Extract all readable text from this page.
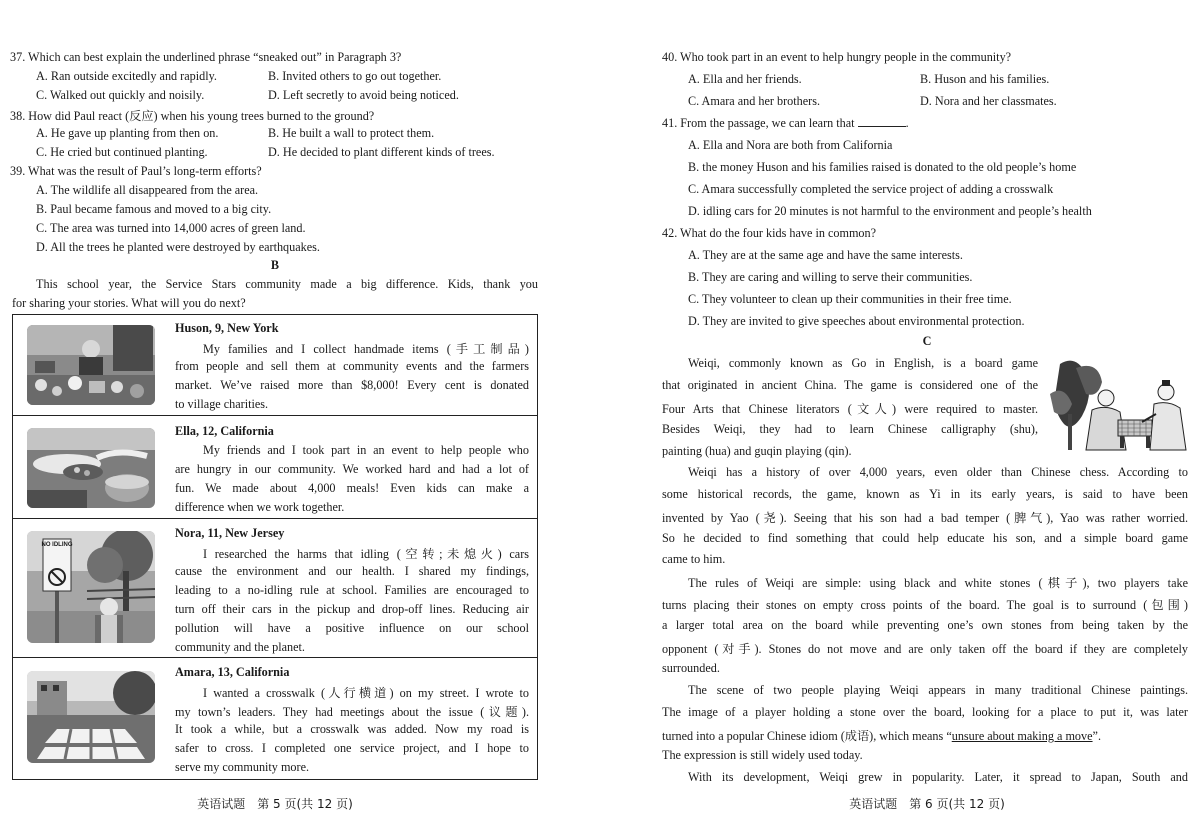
37. Which can best explain the underlined phrase “sneaked out” in Paragraph 3?
A. Ran outside excitedly and rapidly.	B. Invited others to go out together.
C. Walked out quickly and noisily.	D. Left secretly to avoid being noticed.
38. How did Paul react (反应) when his young trees burned to the ground?
A. He gave up planting from then on.	B. He built a wall to protect them.
C. He cried but continued planting.	D. He decided to plant different kinds of trees.
39. What was the result of Paul’s long-term efforts?
A. The wildlife all disappeared from the area.
B. Paul became famous and moved to a big city.
C. The area was turned into 14,000 acres of green land.
D. All the trees he planted were destroyed by earthquakes.
B
This school year, the Service Stars community made a big difference. Kids, thank you
for sharing your stories. What will you do next?
Huson, 9, New York
My families and I collect handmade items (手工制品)
from people and sell them at community events and the farmers
market. We’ve raised more than $8,000! Every cent is donated
to village charities.
Ella, 12, California
My friends and I took part in an event to help people who
are hungry in our community. We worked hard and had a lot of
fun. We made about 4,000 meals! Even kids can make a
difference when we work together.
NO IDLING
Nora, 11, New Jersey
I researched the harms that idling (空转;未熄火) cars
cause the environment and our health. I shared my findings,
leading to a no-idling rule at school. Families are encouraged to
turn off their cars in the pickup and drop-off lines. Reducing air
pollution will have a positive influence on our school
community and the planet.
Amara, 13, California
I wanted a crosswalk (人行横道) on my street. I wrote to
my town’s leaders. They had meetings about the issue (议题).
It took a while, but a crosswalk was added. Now my road is
safer to cross. I completed one service project, and I hope to
serve my community more.
英语试题　第 5 页(共 12 页)
40. Who took part in an event to help hungry people in the community?
A. Ella and her friends.	B. Huson and his families.
C. Amara and her brothers.	D. Nora and her classmates.
41. From the passage, we can learn that	.
A. Ella and Nora are both from California
B. the money Huson and his families raised is donated to the old people’s home
C. Amara successfully completed the service project of adding a crosswalk
D. idling cars for 20 minutes is not harmful to the environment and people’s health
42. What do the four kids have in common?
A. They are at the same age and have the same interests.
B. They are caring and willing to serve their communities.
C. They volunteer to clean up their communities in their free time.
D. They are invited to give speeches about environmental protection.
C
Weiqi, commonly known as Go in English, is a board game
that originated in ancient China. The game is considered one of the
Four Arts that Chinese literators (文人) were required to master.
Besides Weiqi, they had to learn Chinese calligraphy (shu),
painting (hua) and guqin playing (qin).
Weiqi has a history of over 4,000 years, even older than Chinese chess. According to
some historical records, the game, known as Yi in its early years, is said to have been
invented by Yao (尧). Seeing that his son had a bad temper (脾气), Yao was rather worried.
So he decided to find something that could help educate his son, and a simple board game
came to him.
The rules of Weiqi are simple: using black and white stones (棋子), two players take
turns placing their stones on empty cross points of the board. The goal is to surround (包围)
a larger total area on the board while preventing one’s own stones from being taken by the
opponent (对手). Stones do not move and are only taken off the board if they are completely
surrounded.
The scene of two people playing Weiqi appears in many traditional Chinese paintings.
The image of a player holding a stone over the board, looking for a place to put it, was later
turned into a popular Chinese idiom (成语), which means “unsure about making a move”.
The expression is still widely used today.
With its development, Weiqi grew in popularity. Later, it spread to Japan, South and
英语试题　第 6 页(共 12 页)
